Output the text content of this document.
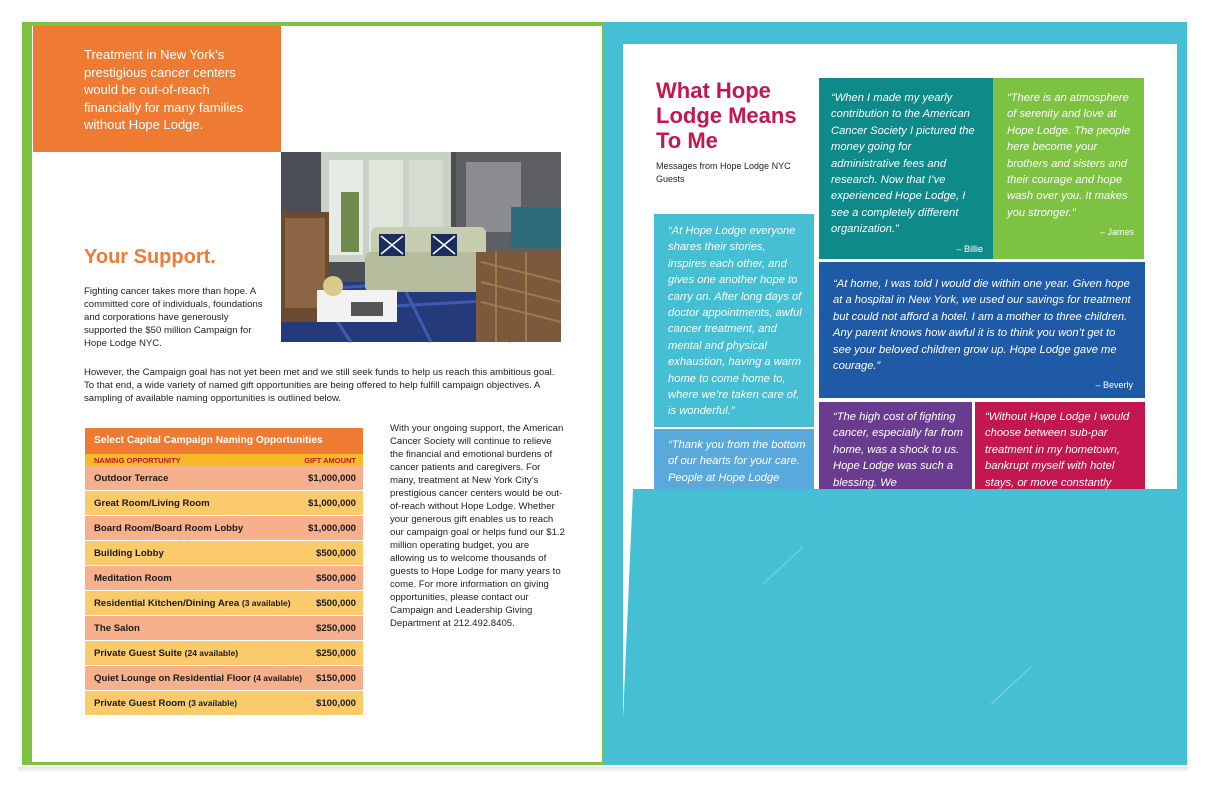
Treatment in New York’s prestigious cancer centers would be out-of-reach financially for many families without Hope Lodge.
Your Support.
Fighting cancer takes more than hope. A committed core of individuals, foundations and corporations have generously supported the $50 million Campaign for Hope Lodge NYC.
However, the Campaign goal has not yet been met and we still seek funds to help us reach this ambitious goal. To that end, a wide variety of named gift opportunities are being offered to help fulfill campaign objectives. A sampling of available naming opportunities is outlined below.
With your ongoing support, the American Cancer Society will continue to relieve the financial and emotional burdens of cancer patients and caregivers. For many, treatment at New York City’s prestigious cancer centers would be out-of-reach without Hope Lodge. Whether your generous gift enables us to reach our campaign goal or helps fund our $1.2 million operating budget, you are allowing us to welcome thousands of guests to Hope Lodge for many years to come. For more information on giving opportunities, please contact our Campaign and Leadership Giving Department at 212.492.8405.
Select Capital Campaign Naming Opportunities
NAMING OPPORTUNITY	GIFT AMOUNT
Outdoor Terrace	$1,000,000
Great Room/Living Room	$1,000,000
Board Room/Board Room Lobby	$1,000,000
Building Lobby	$500,000
Meditation Room	$500,000
Residential Kitchen/Dining Area (3 available)	$500,000
The Salon	$250,000
Private Guest Suite (24 available)	$250,000
Quiet Lounge on Residential Floor (4 available) $150,000
Private Guest Room (3 available)	$100,000
What Hope Lodge Means To Me
Messages from Hope Lodge NYC Guests
“When I made my yearly contribution to the American Cancer Society I pictured the money going for administrative fees and research. Now that I’ve experienced Hope Lodge, I see a completely different organization.”
– Billie
“There is an atmosphere of serenity and love at Hope Lodge. The people here become your brothers and sisters and their courage and hope wash over you. It makes you stronger.”
– James
“At Hope Lodge everyone shares their stories, inspires each other, and gives one another hope to carry on. After long days of doctor appointments, awful cancer treatment, and mental and physical exhaustion, having a warm home to come home to, where we’re taken care of, is wonderful.”
“At home, I was told I would die within one year. Given hope at a hospital in New York, we used our savings for treatment but could not afford a hotel. I am a mother to three children. Any parent knows how awful it is to think you won’t get to see your beloved children grow up. Hope Lodge gave me courage.”
– Beverly
“Thank you from the bottom of our hearts for your care. People at Hope Lodge
“The high cost of fighting cancer, especially far from home, was a shock to us. Hope Lodge was such a blessing. We
“Without Hope Lodge I would choose between sub-par treatment in my hometown, bankrupt myself with hotel stays, or move constantly
